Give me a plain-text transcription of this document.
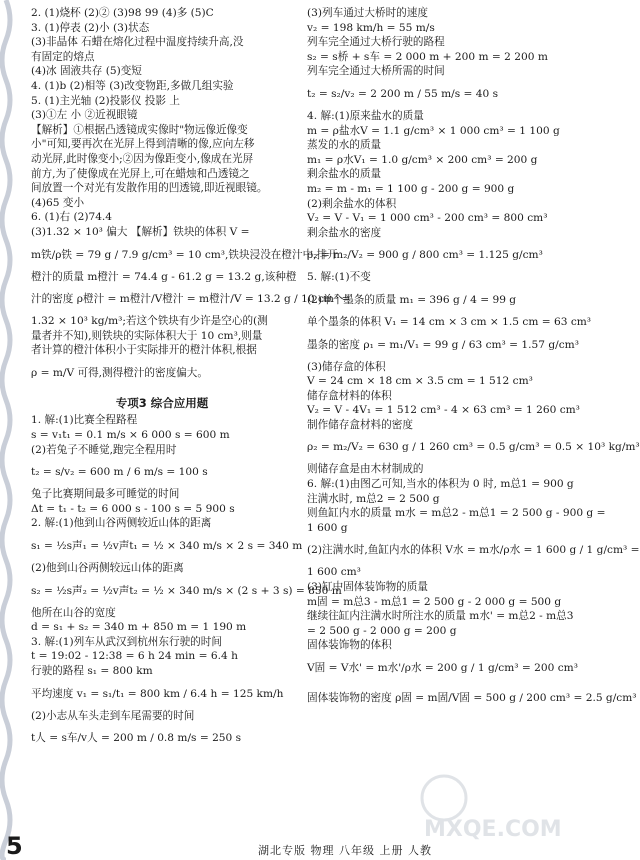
2. (1)烧杯 (2)② (3)98 99 (4)多 (5)C
3. (1)停表 (2)小 (3)状态
(3)非晶体 石蜡在熔化过程中温度持续升高,没
有固定的熔点
(4)冰 固液共存 (5)变短
4. (1)b (2)相等 (3)改变物距,多做几组实验
5. (1)主光轴 (2)投影仪 投影 上
(3)①左 小 ②近视眼镜
【解析】①根据凸透镜成实像时"物远像近像变
小"可知,要再次在光屏上得到清晰的像,应向左移
动光屏,此时像变小;②因为像距变小,像成在光屏
前方,为了使像成在光屏上,可在蜡烛和凸透镜之
间放置一个对光有发散作用的凹透镜,即近视眼镜。
(4)65 变小
6. (1)右 (2)74.4
(3)1.32 × 10³ 偏大 【解析】铁块的体积 V =
m铁/ρ铁 = 79 g / 7.9 g/cm³ = 10 cm³,铁块浸没在橙汁中,排开
橙汁的质量 m橙汁 = 74.4 g - 61.2 g = 13.2 g,该种橙
汁的密度 ρ橙汁 = m橙汁/V橙汁 = m橙汁/V = 13.2 g / 10 cm³ =
1.32 × 10³ kg/m³;若这个铁块有少许是空心的(测
量者并不知),则铁块的实际体积大于 10 cm³,则量
者计算的橙汁体积小于实际排开的橙汁体积,根据
ρ = m/V 可得,测得橙汁的密度偏大。
专项3 综合应用题
1. 解:(1)比赛全程路程
s = v₁t₁ = 0.1 m/s × 6 000 s = 600 m
(2)若兔子不睡觉,跑完全程用时
t₂ = s/v₂ = 600 m / 6 m/s = 100 s
兔子比赛期间最多可睡觉的时间
Δt = t₁ - t₂ = 6 000 s - 100 s = 5 900 s
2. 解:(1)他到山谷两侧较近山体的距离
s₁ = ½s声₁ = ½v声t₁ = ½ × 340 m/s × 2 s = 340 m
(2)他到山谷两侧较远山体的距离
s₂ = ½s声₂ = ½v声t₂ = ½ × 340 m/s × (2 s + 3 s) = 850 m
他所在山谷的宽度
d = s₁ + s₂ = 340 m + 850 m = 1 190 m
3. 解:(1)列车从武汉到杭州东行驶的时间
t = 19:02 - 12:38 = 6 h 24 min = 6.4 h
行驶的路程 s₁ = 800 km
平均速度 v₁ = s₁/t₁ = 800 km / 6.4 h = 125 km/h
(2)小志从车头走到车尾需要的时间
t人 = s车/v人 = 200 m / 0.8 m/s = 250 s
(3)列车通过大桥时的速度
v₂ = 198 km/h = 55 m/s
列车完全通过大桥行驶的路程
s₂ = s桥 + s车 = 2 000 m + 200 m = 2 200 m
列车完全通过大桥所需的时间
t₂ = s₂/v₂ = 2 200 m / 55 m/s = 40 s
4. 解:(1)原来盐水的质量
m = ρ盐水V = 1.1 g/cm³ × 1 000 cm³ = 1 100 g
蒸发的水的质量
m₁ = ρ水V₁ = 1.0 g/cm³ × 200 cm³ = 200 g
剩余盐水的质量
m₂ = m - m₁ = 1 100 g - 200 g = 900 g
(2)剩余盐水的体积
V₂ = V - V₁ = 1 000 cm³ - 200 cm³ = 800 cm³
剩余盐水的密度
ρ₂ = m₂/V₂ = 900 g / 800 cm³ = 1.125 g/cm³
5. 解:(1)不变
(2)单个墨条的质量 m₁ = 396 g / 4 = 99 g
单个墨条的体积 V₁ = 14 cm × 3 cm × 1.5 cm = 63 cm³
墨条的密度 ρ₁ = m₁/V₁ = 99 g / 63 cm³ = 1.57 g/cm³
(3)储存盒的体积
V = 24 cm × 18 cm × 3.5 cm = 1 512 cm³
储存盒材料的体积
V₂ = V - 4V₁ = 1 512 cm³ - 4 × 63 cm³ = 1 260 cm³
制作储存盒材料的密度
ρ₂ = m₂/V₂ = 630 g / 1 260 cm³ = 0.5 g/cm³ = 0.5 × 10³ kg/m³
则储存盒是由木材制成的
6. 解:(1)由图乙可知,当水的体积为 0 时, m总1 = 900 g
注满水时, m总2 = 2 500 g
则鱼缸内水的质量 m水 = m总2 - m总1 = 2 500 g - 900 g =
1 600 g
(2)注满水时,鱼缸内水的体积 V水 = m水/ρ水 = 1 600 g / 1 g/cm³ =
1 600 cm³
(3)缸中固体装饰物的质量
m固 = m总3 - m总1 = 2 500 g - 2 000 g = 500 g
继续往缸内注满水时所注水的质量 m水' = m总2 - m总3
= 2 500 g - 2 000 g = 200 g
固体装饰物的体积
V固 = V水' = m水'/ρ水 = 200 g / 1 g/cm³ = 200 cm³
固体装饰物的密度 ρ固 = m固/V固 = 500 g / 200 cm³ = 2.5 g/cm³
MXQE.COM
5	湖北专版 物理 八年级 上册 人教
